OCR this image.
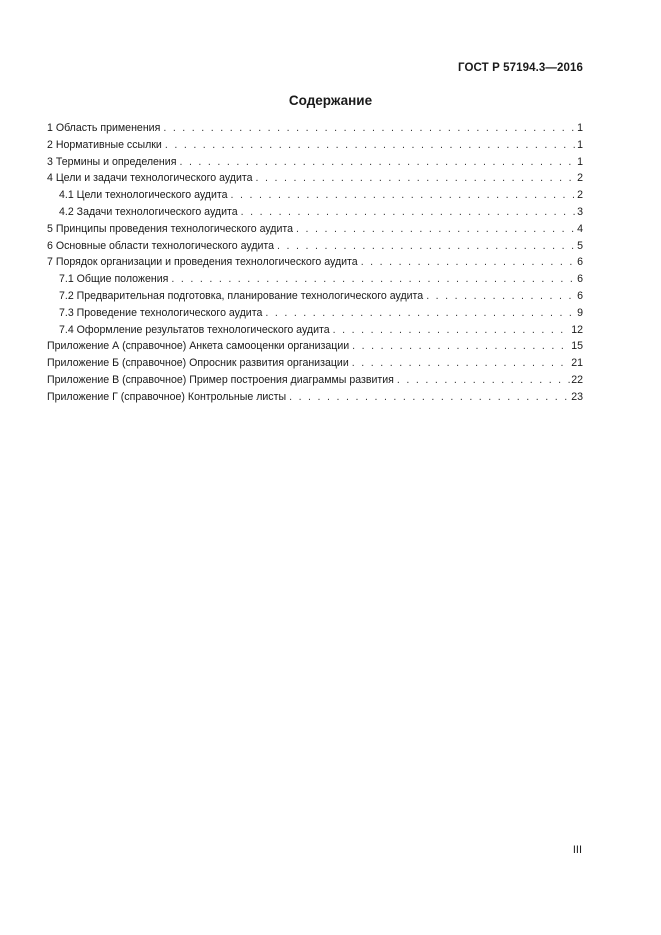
ГОСТ Р 57194.3—2016
Содержание
1 Область применения . . .	1
2 Нормативные ссылки . . .	1
3 Термины и определения . . .	1
4 Цели и задачи технологического аудита . . .	2
4.1 Цели технологического аудита . . .	2
4.2 Задачи технологического аудита . . .	3
5 Принципы проведения технологического аудита . . .	4
6 Основные области технологического аудита . . .	5
7 Порядок организации и проведения технологического аудита . . .	6
7.1 Общие положения . . .	6
7.2 Предварительная подготовка, планирование технологического аудита . . .	6
7.3 Проведение технологического аудита . . .	9
7.4 Оформление результатов технологического аудита . . .	12
Приложение А (справочное) Анкета самооценки организации . . .	15
Приложение Б (справочное) Опросник развития организации . . .	21
Приложение В (справочное) Пример построения диаграммы развития . . .	22
Приложение Г (справочное) Контрольные листы . . .	23
III
